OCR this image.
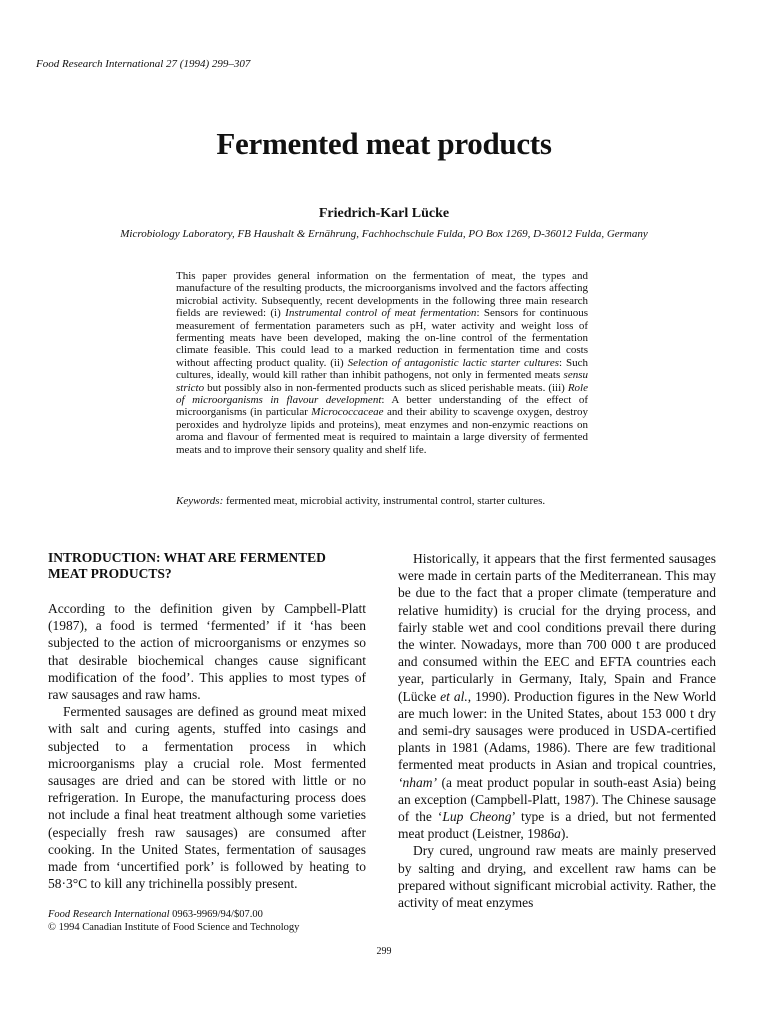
Food Research International 27 (1994) 299–307
Fermented meat products
Friedrich-Karl Lücke
Microbiology Laboratory, FB Haushalt & Ernährung, Fachhochschule Fulda, PO Box 1269, D-36012 Fulda, Germany

This paper provides general information on the fermentation of meat, the types and manufacture of the resulting products, the microorganisms involved and the factors affecting microbial activity. Subsequently, recent developments in the following three main research fields are reviewed: (i) Instrumental control of meat fermentation: Sensors for continuous measurement of fermentation parameters such as pH, water activity and weight loss of fermenting meats have been developed, making the on-line control of the fermentation climate feasible. This could lead to a marked reduction in fermentation time and costs without affecting product quality. (ii) Selection of antagonistic lactic starter cultures: Such cultures, ideally, would kill rather than inhibit pathogens, not only in fermented meats sensu stricto but possibly also in non-fermented products such as sliced perishable meats. (iii) Role of microorganisms in flavour development: A better understanding of the effect of microorganisms (in particular Micrococcaceae and their ability to scavenge oxygen, destroy peroxides and hydrolyze lipids and proteins), meat enzymes and non-enzymic reactions on aroma and flavour of fermented meat is required to maintain a large diversity of fermented meats and to improve their sensory quality and shelf life.

Keywords: fermented meat, microbial activity, instrumental control, starter cultures.
INTRODUCTION: WHAT ARE FERMENTED MEAT PRODUCTS?

According to the definition given by Campbell-Platt (1987), a food is termed ‘fermented’ if it ‘has been subjected to the action of microorganisms or enzymes so that desirable biochemical changes cause significant modification of the food’. This applies to most types of raw sausages and raw hams.

Fermented sausages are defined as ground meat mixed with salt and curing agents, stuffed into casings and subjected to a fermentation process in which microorganisms play a crucial role. Most fermented sausages are dried and can be stored with little or no refrigeration. In Europe, the manufacturing process does not include a final heat treatment although some varieties (especially fresh raw sausages) are consumed after cooking. In the United States, fermentation of sausages made from ‘uncertified pork’ is followed by heating to 58·3°C to kill any trichinella possibly present.

Historically, it appears that the first fermented sausages were made in certain parts of the Mediterranean. This may be due to the fact that a proper climate (temperature and relative humidity) is crucial for the drying process, and fairly stable wet and cool conditions prevail there during the winter. Nowadays, more than 700 000 t are produced and consumed within the EEC and EFTA countries each year, particularly in Germany, Italy, Spain and France (Lücke et al., 1990). Production figures in the New World are much lower: in the United States, about 153 000 t dry and semi-dry sausages were produced in USDA-certified plants in 1981 (Adams, 1986). There are few traditional fermented meat products in Asian and tropical countries, ‘nham’ (a meat product popular in south-east Asia) being an exception (Campbell-Platt, 1987). The Chinese sausage of the ‘Lup Cheong’ type is a dried, but not fermented meat product (Leistner, 1986a).

Dry cured, unground raw meats are mainly preserved by salting and drying, and excellent raw hams can be prepared without significant microbial activity. Rather, the activity of meat enzymes

Food Research International 0963-9969/94/$07.00
© 1994 Canadian Institute of Food Science and Technology
299
